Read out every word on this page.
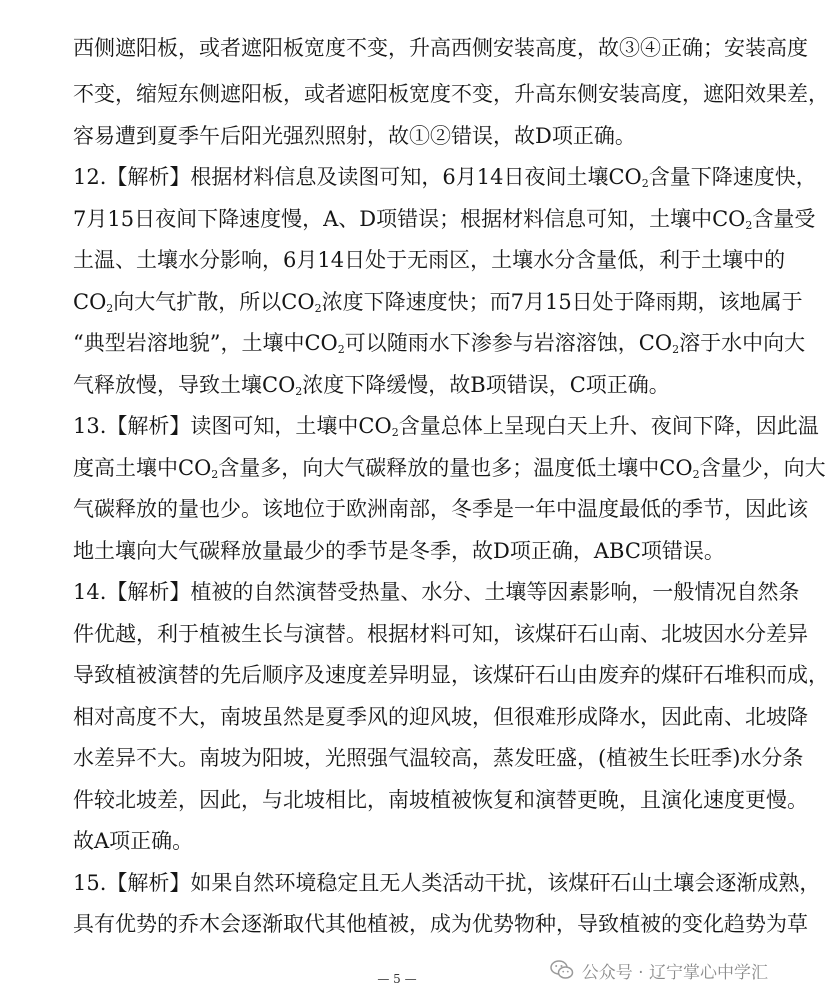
西侧遮阳板，或者遮阳板宽度不变，升高西侧安装高度，故③④正确；安装高度
不变，缩短东侧遮阳板，或者遮阳板宽度不变，升高东侧安装高度，遮阳效果差，
容易遭到夏季午后阳光强烈照射，故①②错误，故D项正确。
12.【解析】根据材料信息及读图可知，6月14日夜间土壤$CO_2$含量下降速度快，
7月15日夜间下降速度慢，A、D项错误；根据材料信息可知，土壤中$CO_2$含量受
土温、土壤水分影响，6月14日处于无雨区，土壤水分含量低，利于土壤中的
$CO_2$向大气扩散，所以$CO_2$浓度下降速度快；而7月15日处于降雨期，该地属于
“典型岩溶地貌”，土壤中$CO_2$可以随雨水下渗参与岩溶溶蚀，$CO_2$溶于水中向大
气释放慢，导致土壤$CO_2$浓度下降缓慢，故B项错误，C项正确。
13.【解析】读图可知，土壤中$CO_2$含量总体上呈现白天上升、夜间下降，因此温
度高土壤中$CO_2$含量多，向大气碳释放的量也多；温度低土壤中$CO_2$含量少，向大
气碳释放的量也少。该地位于欧洲南部，冬季是一年中温度最低的季节，因此该
地土壤向大气碳释放量最少的季节是冬季，故D项正确，ABC项错误。
14.【解析】植被的自然演替受热量、水分、土壤等因素影响，一般情况自然条
件优越，利于植被生长与演替。根据材料可知，该煤矸石山南、北坡因水分差异
导致植被演替的先后顺序及速度差异明显，该煤矸石山由废弃的煤矸石堆积而成，
相对高度不大，南坡虽然是夏季风的迎风坡，但很难形成降水，因此南、北坡降
水差异不大。南坡为阳坡，光照强气温较高，蒸发旺盛，(植被生长旺季)水分条
件较北坡差，因此，与北坡相比，南坡植被恢复和演替更晚，且演化速度更慢。
故A项正确。
15.【解析】如果自然环境稳定且无人类活动干扰，该煤矸石山土壤会逐渐成熟，
具有优势的乔木会逐渐取代其他植被，成为优势物种，导致植被的变化趋势为草
— 5 —	公众号 · 辽宁掌心中学汇
